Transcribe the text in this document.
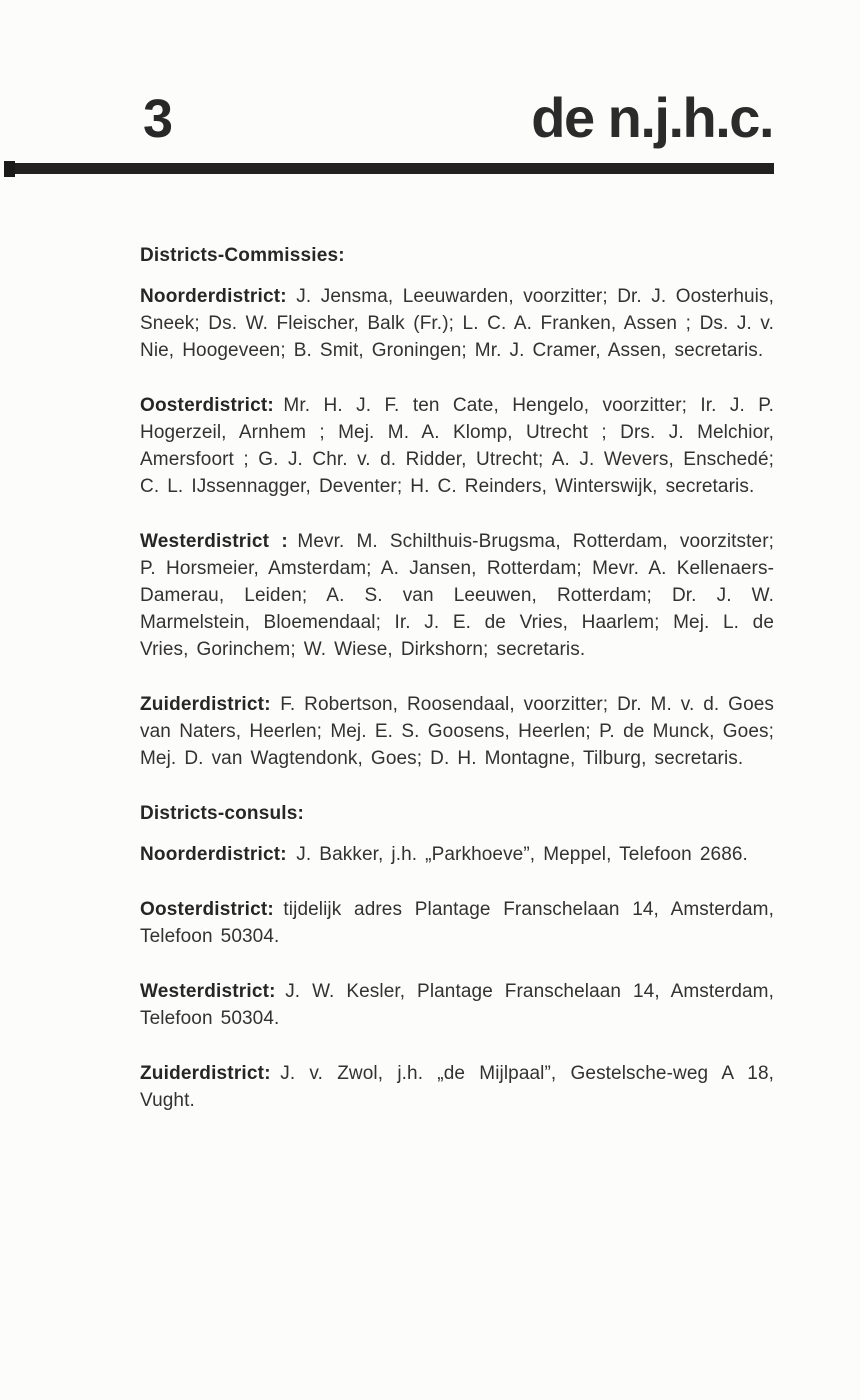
3	de n.j.h.c.
Districts-Commissies:

Noorderdistrict: J. Jensma, Leeuwarden, voorzitter; Dr. J. Oosterhuis, Sneek; Ds. W. Fleischer, Balk (Fr.); L. C. A. Franken, Assen ; Ds. J. v. Nie, Hoogeveen; B. Smit, Groningen; Mr. J. Cramer, Assen, secretaris.

Oosterdistrict: Mr. H. J. F. ten Cate, Hengelo, voorzitter; Ir. J. P. Hogerzeil, Arnhem ; Mej. M. A. Klomp, Utrecht ; Drs. J. Melchior, Amersfoort ; G. J. Chr. v. d. Ridder, Utrecht; A. J. Wevers, Enschedé; C. L. IJssennagger, Deventer; H. C. Reinders, Winterswijk, secretaris.

Westerdistrict : Mevr. M. Schilthuis-Brugsma, Rotterdam, voorzitster; P. Horsmeier, Amsterdam; A. Jansen, Rotterdam; Mevr. A. Kellenaers-Damerau, Leiden; A. S. van Leeuwen, Rotterdam; Dr. J. W. Marmelstein, Bloemendaal; Ir. J. E. de Vries, Haarlem; Mej. L. de Vries, Gorinchem; W. Wiese, Dirkshorn; secretaris.

Zuiderdistrict: F. Robertson, Roosendaal, voorzitter; Dr. M. v. d. Goes van Naters, Heerlen; Mej. E. S. Goosens, Heerlen; P. de Munck, Goes; Mej. D. van Wagtendonk, Goes; D. H. Montagne, Tilburg, secretaris.

Districts-consuls:

Noorderdistrict: J. Bakker, j.h. „Parkhoeve”, Meppel, Telefoon 2686.

Oosterdistrict: tijdelijk adres Plantage Franschelaan 14, Amsterdam, Telefoon 50304.

Westerdistrict: J. W. Kesler, Plantage Franschelaan 14, Amsterdam, Telefoon 50304.

Zuiderdistrict: J. v. Zwol, j.h. „de Mijlpaal”, Gestelsche-weg A 18, Vught.
